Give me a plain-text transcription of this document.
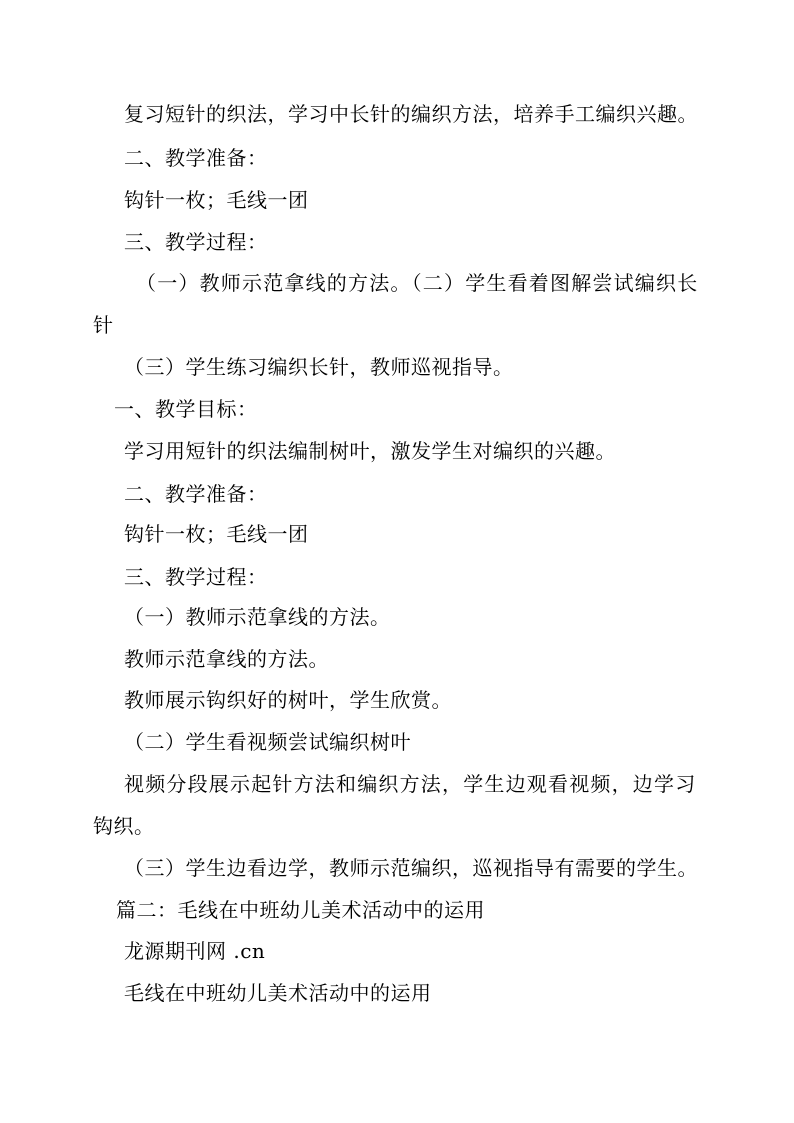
复习短针的织法，学习中长针的编织方法，培养手工编织兴趣。
二、教学准备：
钩针一枚；毛线一团
三、教学过程：
（一）教师示范拿线的方法。（二）学生看着图解尝试编织长
针
（三）学生练习编织长针，教师巡视指导。
一、教学目标：
学习用短针的织法编制树叶，激发学生对编织的兴趣。
二、教学准备：
钩针一枚；毛线一团
三、教学过程：
（一）教师示范拿线的方法。
教师示范拿线的方法。
教师展示钩织好的树叶，学生欣赏。
（二）学生看视频尝试编织树叶
视频分段展示起针方法和编织方法，学生边观看视频，边学习
钩织。
（三）学生边看边学，教师示范编织，巡视指导有需要的学生。
篇二：毛线在中班幼儿美术活动中的运用
龙源期刊网 .cn
毛线在中班幼儿美术活动中的运用
